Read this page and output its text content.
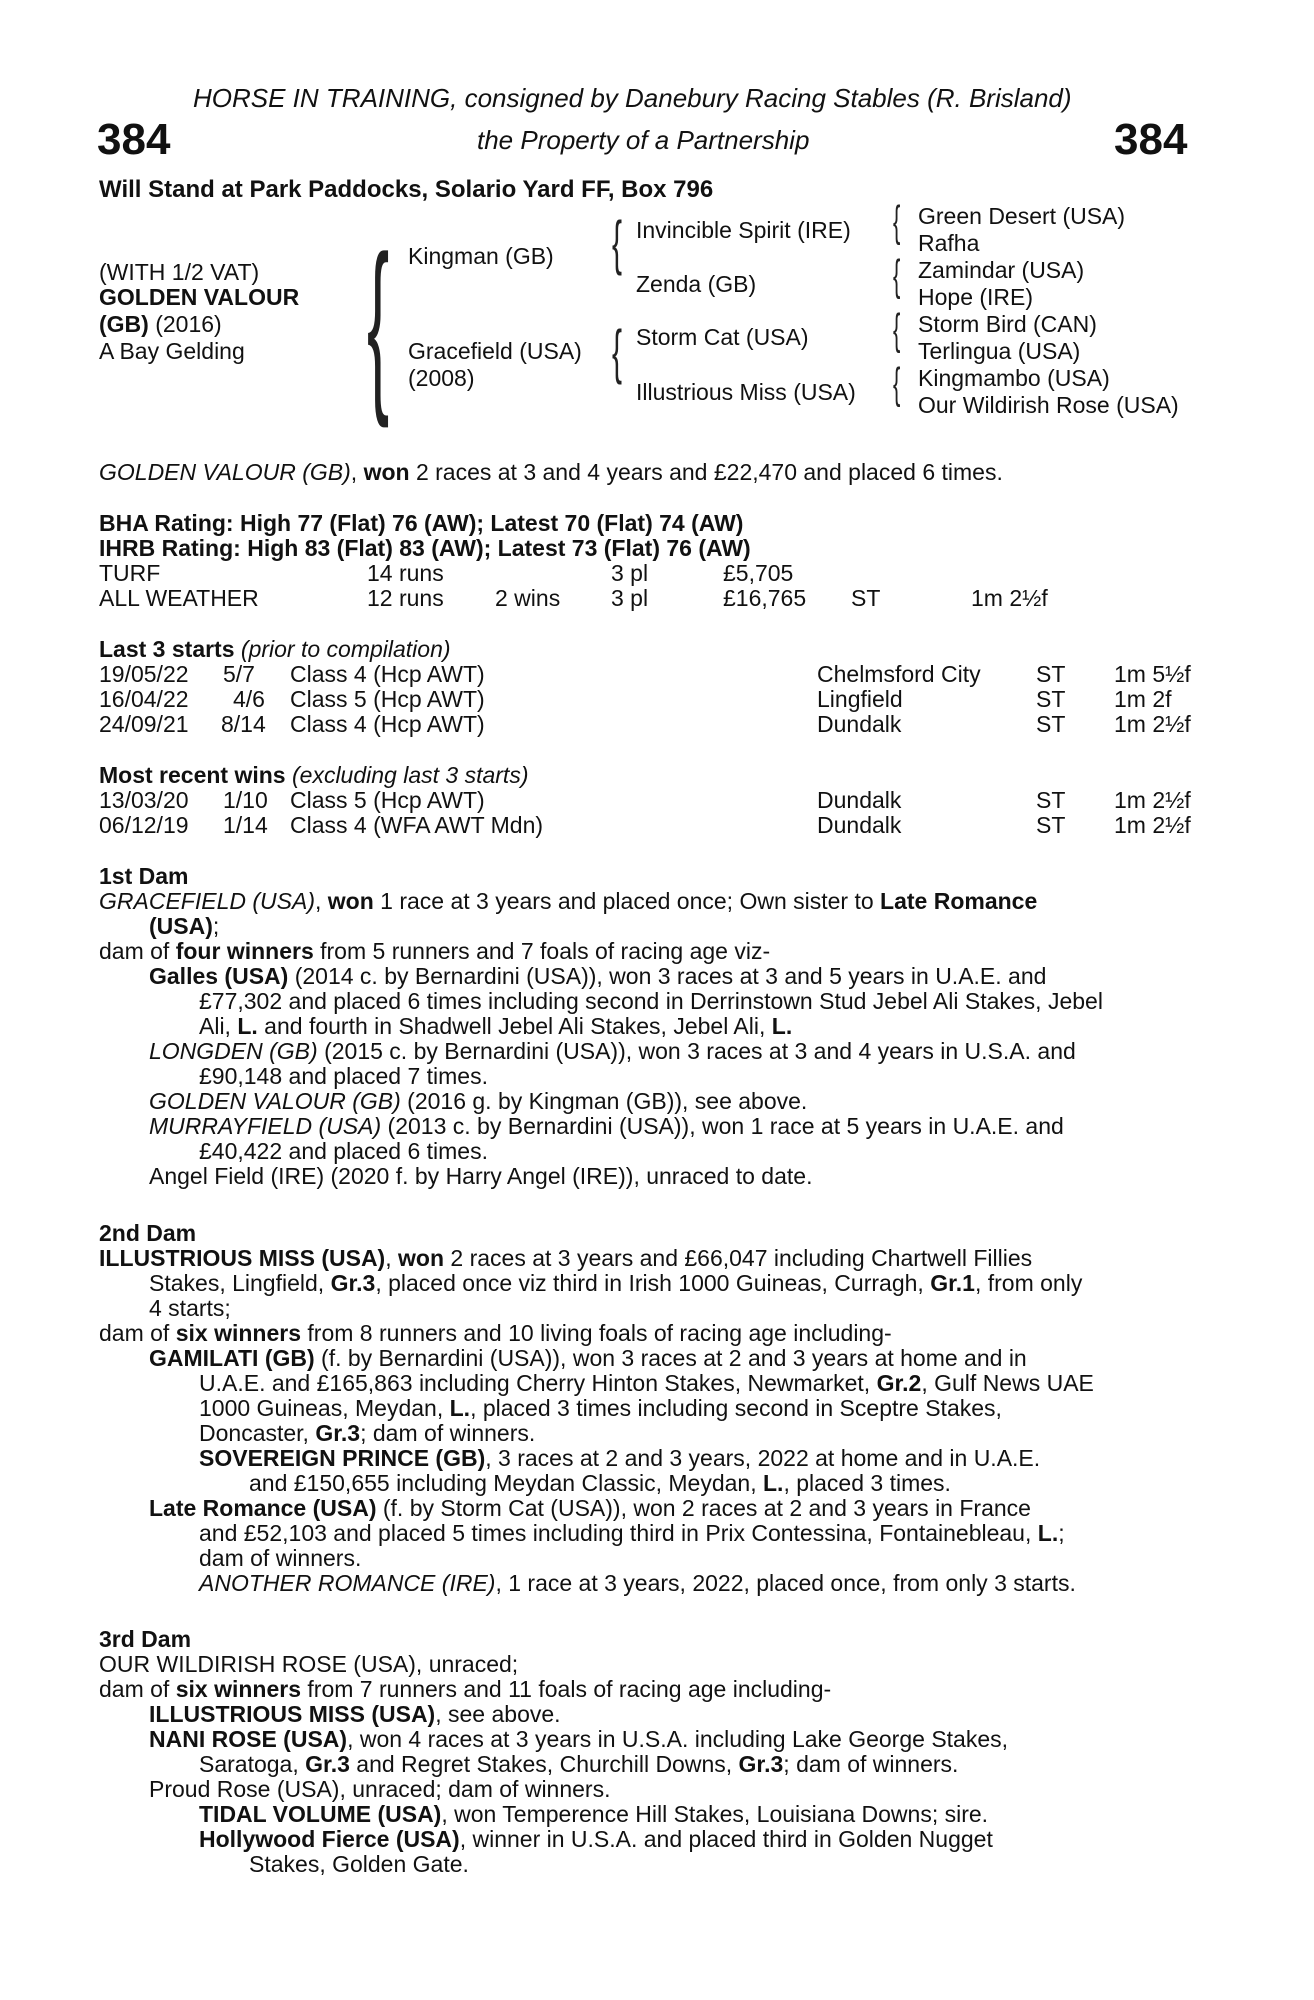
HORSE IN TRAINING, consigned by Danebury Racing Stables (R. Brisland)
384	the Property of a Partnership	384
Will Stand at Park Paddocks, Solario Yard FF, Box 796
(WITH 1/2 VAT)
GOLDEN VALOUR
(GB) (2016)
A Bay Gelding { Kingman (GB)
Gracefield (USA)
(2008)
{ Invincible Spirit (IRE)
Zenda (GB)
{ Storm Cat (USA)
Illustrious Miss (USA)
{ Green Desert (USA)
Rafha
{ Zamindar (USA)
Hope (IRE)
{ Storm Bird (CAN)
Terlingua (USA)
{ Kingmambo (USA)
Our Wildirish Rose (USA)
GOLDEN VALOUR (GB), won 2 races at 3 and 4 years and £22,470 and placed 6 times.
BHA Rating: High 77 (Flat) 76 (AW); Latest 70 (Flat) 74 (AW)
IHRB Rating: High 83 (Flat) 83 (AW); Latest 73 (Flat) 76 (AW)
TURF	14 runs	3 pl	£5,705
ALL WEATHER	12 runs 2 wins 3 pl	£16,765 ST	1m 2½f
Last 3 starts (prior to compilation)
19/05/22 5/7 Class 4 (Hcp AWT)	Chelmsford City ST 1m 5½f
16/04/22 4/6 Class 5 (Hcp AWT)	Lingfield	ST 1m 2f
24/09/21 8/14 Class 4 (Hcp AWT)	Dundalk	ST 1m 2½f
Most recent wins (excluding last 3 starts)
13/03/20 1/10 Class 5 (Hcp AWT)	Dundalk	ST 1m 2½f
06/12/19 1/14 Class 4 (WFA AWT Mdn)	Dundalk	ST 1m 2½f
1st Dam
GRACEFIELD (USA), won 1 race at 3 years and placed once; Own sister to Late Romance
(USA);
dam of four winners from 5 runners and 7 foals of racing age viz-
Galles (USA) (2014 c. by Bernardini (USA)), won 3 races at 3 and 5 years in U.A.E. and
£77,302 and placed 6 times including second in Derrinstown Stud Jebel Ali Stakes, Jebel
Ali, L. and fourth in Shadwell Jebel Ali Stakes, Jebel Ali, L.
LONGDEN (GB) (2015 c. by Bernardini (USA)), won 3 races at 3 and 4 years in U.S.A. and
£90,148 and placed 7 times.
GOLDEN VALOUR (GB) (2016 g. by Kingman (GB)), see above.
MURRAYFIELD (USA) (2013 c. by Bernardini (USA)), won 1 race at 5 years in U.A.E. and
£40,422 and placed 6 times.
Angel Field (IRE) (2020 f. by Harry Angel (IRE)), unraced to date.
2nd Dam
ILLUSTRIOUS MISS (USA), won 2 races at 3 years and £66,047 including Chartwell Fillies
Stakes, Lingfield, Gr.3, placed once viz third in Irish 1000 Guineas, Curragh, Gr.1, from only
4 starts;
dam of six winners from 8 runners and 10 living foals of racing age including-
GAMILATI (GB) (f. by Bernardini (USA)), won 3 races at 2 and 3 years at home and in
U.A.E. and £165,863 including Cherry Hinton Stakes, Newmarket, Gr.2, Gulf News UAE
1000 Guineas, Meydan, L., placed 3 times including second in Sceptre Stakes,
Doncaster, Gr.3; dam of winners.
SOVEREIGN PRINCE (GB), 3 races at 2 and 3 years, 2022 at home and in U.A.E.
and £150,655 including Meydan Classic, Meydan, L., placed 3 times.
Late Romance (USA) (f. by Storm Cat (USA)), won 2 races at 2 and 3 years in France
and £52,103 and placed 5 times including third in Prix Contessina, Fontainebleau, L.;
dam of winners.
ANOTHER ROMANCE (IRE), 1 race at 3 years, 2022, placed once, from only 3 starts.
3rd Dam
OUR WILDIRISH ROSE (USA), unraced;
dam of six winners from 7 runners and 11 foals of racing age including-
ILLUSTRIOUS MISS (USA), see above.
NANI ROSE (USA), won 4 races at 3 years in U.S.A. including Lake George Stakes,
Saratoga, Gr.3 and Regret Stakes, Churchill Downs, Gr.3; dam of winners.
Proud Rose (USA), unraced; dam of winners.
TIDAL VOLUME (USA), won Temperence Hill Stakes, Louisiana Downs; sire.
Hollywood Fierce (USA), winner in U.S.A. and placed third in Golden Nugget
Stakes, Golden Gate.
